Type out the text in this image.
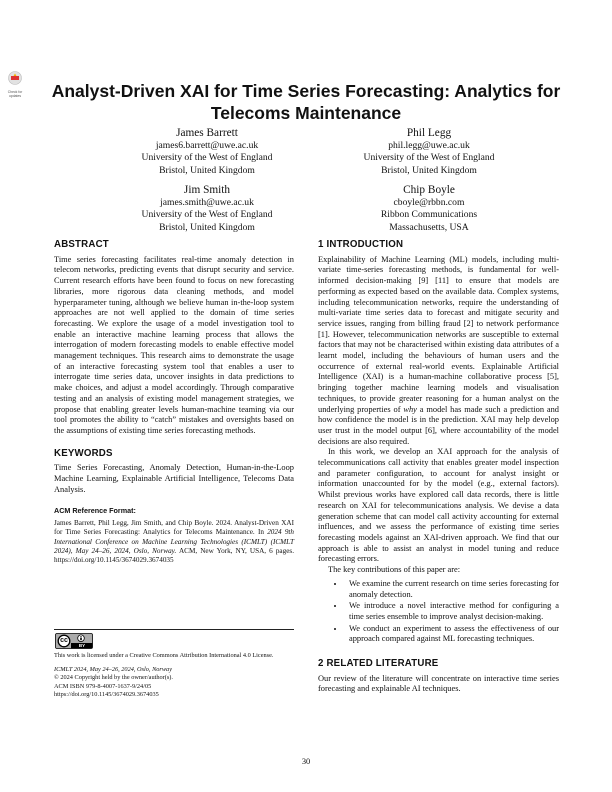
Check for
updates	Analyst-Driven XAI for Time Series Forecasting: Analytics for
Telecoms Maintenance
James Barrett
james6.barrett@uwe.ac.uk
University of the West of England
Bristol, United Kingdom
Phil Legg
phil.legg@uwe.ac.uk
University of the West of England
Bristol, United Kingdom
Jim Smith
james.smith@uwe.ac.uk
University of the West of England
Bristol, United Kingdom
Chip Boyle
cboyle@rbbn.com
Ribbon Communications
Massachusetts, USA
ABSTRACT

Time series forecasting facilitates real-time anomaly detection in telecom networks, predicting events that disrupt security and service. Current research efforts have been found to focus on new forecasting libraries, more rigorous data cleaning methods, and model hyperparameter tuning, although we believe human in-the-loop system approaches are not well applied to the domain of time series forecasting. We explore the usage of a model investigation tool to enable an interactive machine learning process that allows the interrogation of modern forecasting models to enable effective model management techniques. This research aims to demonstrate the usage of an interactive forecasting system tool that enables a user to interrogate time series data, uncover insights in data predictions to make choices, and adjust a model accordingly. Through comparative testing and an analysis of existing model management strategies, we propose that enabling greater levels human-machine teaming via our tool promotes the ability to “catch” mistakes and oversights based on the assumptions of existing time series forecasting methods.

KEYWORDS

Time Series Forecasting, Anomaly Detection, Human-in-the-Loop Machine Learning, Explainable Artificial Intelligence, Telecoms Data Analysis.

ACM Reference Format:

James Barrett, Phil Legg, Jim Smith, and Chip Boyle. 2024. Analyst-Driven XAI for Time Series Forecasting: Analytics for Telecoms Maintenance. In 2024 9th International Conference on Machine Learning Technologies (ICMLT) (ICMLT 2024), May 24–26, 2024, Oslo, Norway. ACM, New York, NY, USA, 6 pages. https://doi.org/10.1145/3674029.3674035

cc
BY
This work is licensed under a Creative Commons Attribution International 4.0 License.
ICMLT 2024, May 24–26, 2024, Oslo, Norway
© 2024 Copyright held by the owner/author(s).
ACM ISBN 979-8-4007-1637-9/24/05
https://doi.org/10.1145/3674029.3674035
1 INTRODUCTION

Explainability of Machine Learning (ML) models, including multi-variate time-series forecasting methods, is fundamental for well-informed decision-making [9] [11] to ensure that models are performing as expected based on the available data. Complex systems, including telecommunication networks, require the understanding of multi-variate time series data to forecast and mitigate security and service issues, ranging from billing fraud [2] to network performance [1]. However, telecommunication networks are susceptible to external factors that may not be characterised within existing data attributes of a learnt model, including the behaviours of human users and the occurrence of external real-world events. Explainable Artificial Intelligence (XAI) is a human-machine collaborative process [5], bringing together machine learning models and visualisation techniques, to provide greater reasoning for a human analyst on the underlying properties of why a model has made such a prediction and how confidence the model is in the prediction. XAI may help develop user trust in the model output [6], where accountability of the model decisions are also required.

In this work, we develop an XAI approach for the analysis of telecommunications call activity that enables greater model inspection and parameter configuration, to account for analyst insight or information unaccounted for by the model (e.g., external factors). Whilst previous works have explored call data records, there is little research on XAI for telecommunications analysis. We devise a data generation scheme that can model call activity accounting for external influences, and we assess the performance of existing time series forecasting models against an XAI-driven approach. We find that our approach is able to assist an analyst in model tuning and reduce forecasting errors.

The key contributions of this paper are:

• We examine the current research on time series forecasting for anomaly detection.
• We introduce a novel interactive method for configuring a time series ensemble to improve analyst decision-making.
• We conduct an experiment to assess the effectiveness of our approach compared against ML forecasting techniques.
2 RELATED LITERATURE

Our review of the literature will concentrate on interactive time series forecasting and explainable AI techniques.

30
